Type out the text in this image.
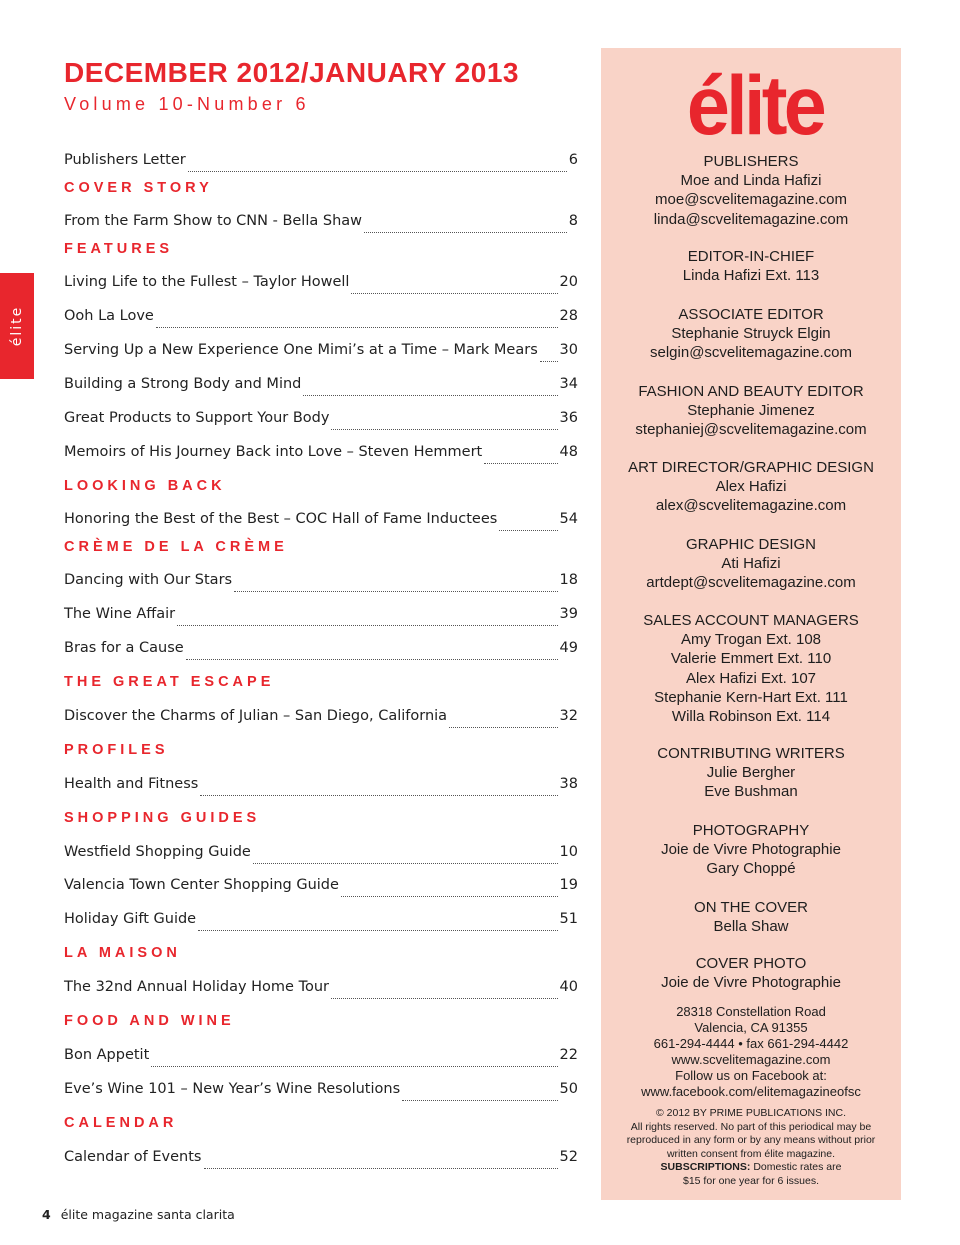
DECEMBER 2012/JANUARY 2013
Volume 10-Number 6
élite
Publishers Letter	6
COVER STORY
From the Farm Show to CNN - Bella Shaw	8
FEATURES
Living Life to the Fullest – Taylor Howell	20
Ooh La Love	28
Serving Up a New Experience One Mimi’s at a Time – Mark Mears 30
Building a Strong Body and Mind	34
Great Products to Support Your Body	36
Memoirs of His Journey Back into Love – Steven Hemmert	48
LOOKING BACK
Honoring the Best of the Best – COC Hall of Fame Inductees	54
CRÈME DE LA CRÈME
Dancing with Our Stars	18
The Wine Affair	39
Bras for a Cause	49
THE GREAT ESCAPE
Discover the Charms of Julian – San Diego, California	32
PROFILES
Health and Fitness	38
SHOPPING GUIDES
Westfield Shopping Guide	10
Valencia Town Center Shopping Guide	19
Holiday Gift Guide	51
LA MAISON
The 32nd Annual Holiday Home Tour	40
FOOD AND WINE
Bon Appetit	22
Eve’s Wine 101 – New Year’s Wine Resolutions	50
CALENDAR
Calendar of Events	52
élite
PUBLISHERS
Moe and Linda Hafizi
moe@scvelitemagazine.com
linda@scvelitemagazine.com
EDITOR-IN-CHIEF
Linda Hafizi Ext. 113
ASSOCIATE EDITOR
Stephanie Struyck Elgin
selgin@scvelitemagazine.com
FASHION AND BEAUTY EDITOR
Stephanie Jimenez
stephaniej@scvelitemagazine.com
ART DIRECTOR/GRAPHIC DESIGN
Alex Hafizi
alex@scvelitemagazine.com
GRAPHIC DESIGN
Ati Hafizi
artdept@scvelitemagazine.com
SALES ACCOUNT MANAGERS
Amy Trogan Ext. 108
Valerie Emmert Ext. 110
Alex Hafizi Ext. 107
Stephanie Kern-Hart Ext. 111
Willa Robinson Ext. 114
CONTRIBUTING WRITERS
Julie Bergher
Eve Bushman
PHOTOGRAPHY
Joie de Vivre Photographie
Gary Choppé
ON THE COVER
Bella Shaw
COVER PHOTO
Joie de Vivre Photographie
28318 Constellation Road
Valencia, CA 91355
661-294-4444 • fax 661-294-4442
www.scvelitemagazine.com
Follow us on Facebook at:
www.facebook.com/elitemagazineofsc
© 2012 BY PRIME PUBLICATIONS INC.
All rights reserved. No part of this periodical may be
reproduced in any form or by any means without prior
written consent from élite magazine.
SUBSCRIPTIONS: Domestic rates are
$15 for one year for 6 issues.
4 élite magazine santa clarita
